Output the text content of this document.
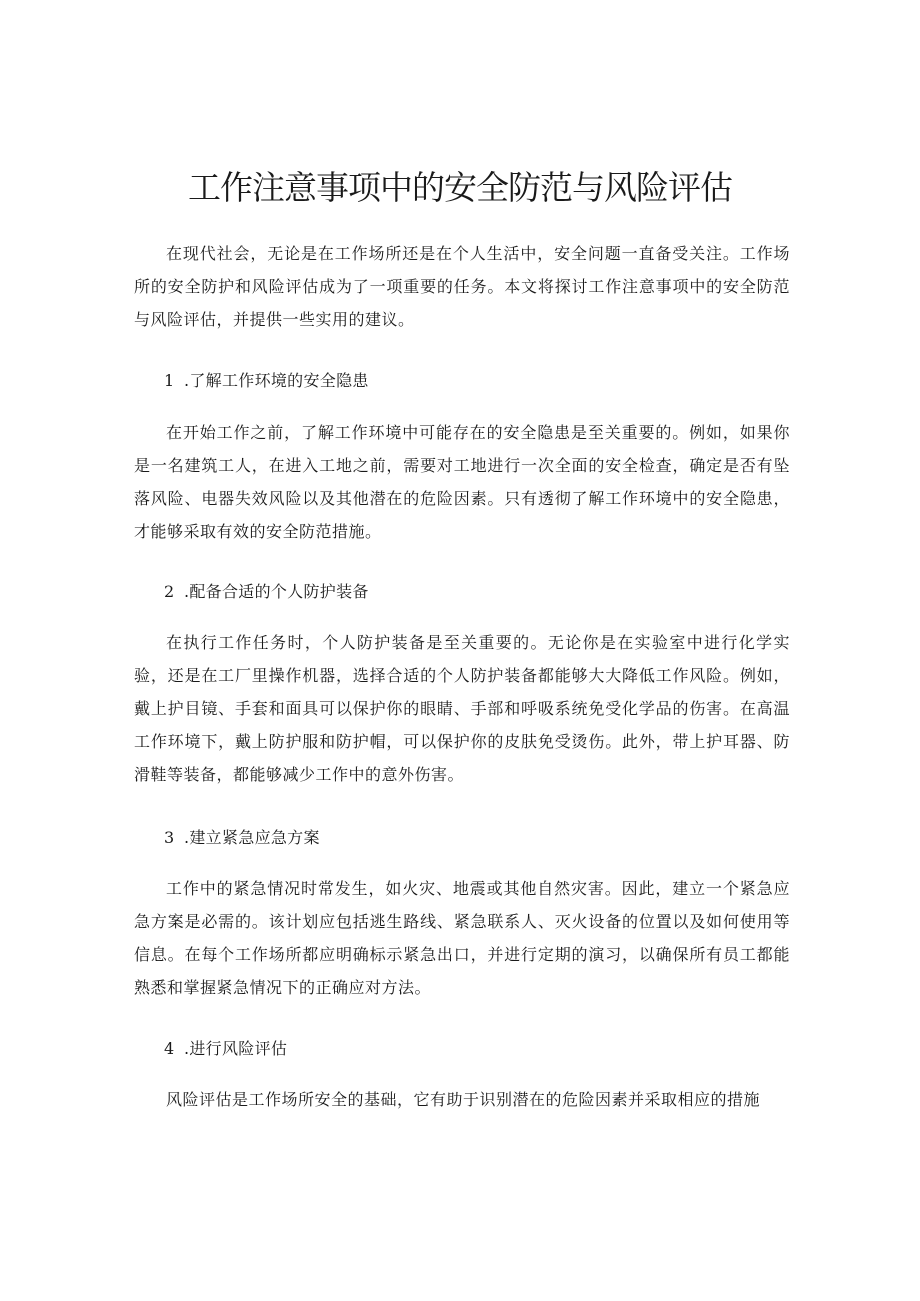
工作注意事项中的安全防范与风险评估

在现代社会，无论是在工作场所还是在个人生活中，安全问题一直备受关注。工作场所的安全防护和风险评估成为了一项重要的任务。本文将探讨工作注意事项中的安全防范与风险评估，并提供一些实用的建议。

1 .了解工作环境的安全隐患

在开始工作之前，了解工作环境中可能存在的安全隐患是至关重要的。例如，如果你是一名建筑工人，在进入工地之前，需要对工地进行一次全面的安全检查，确定是否有坠落风险、电器失效风险以及其他潜在的危险因素。只有透彻了解工作环境中的安全隐患，才能够采取有效的安全防范措施。

2 .配备合适的个人防护装备

在执行工作任务时，个人防护装备是至关重要的。无论你是在实验室中进行化学实验，还是在工厂里操作机器，选择合适的个人防护装备都能够大大降低工作风险。例如，戴上护目镜、手套和面具可以保护你的眼睛、手部和呼吸系统免受化学品的伤害。在高温工作环境下，戴上防护服和防护帽，可以保护你的皮肤免受烫伤。此外，带上护耳器、防滑鞋等装备，都能够减少工作中的意外伤害。

3 .建立紧急应急方案

工作中的紧急情况时常发生，如火灾、地震或其他自然灾害。因此，建立一个紧急应急方案是必需的。该计划应包括逃生路线、紧急联系人、灭火设备的位置以及如何使用等信息。在每个工作场所都应明确标示紧急出口，并进行定期的演习，以确保所有员工都能熟悉和掌握紧急情况下的正确应对方法。

4 .进行风险评估

风险评估是工作场所安全的基础，它有助于识别潜在的危险因素并采取相应的措施
